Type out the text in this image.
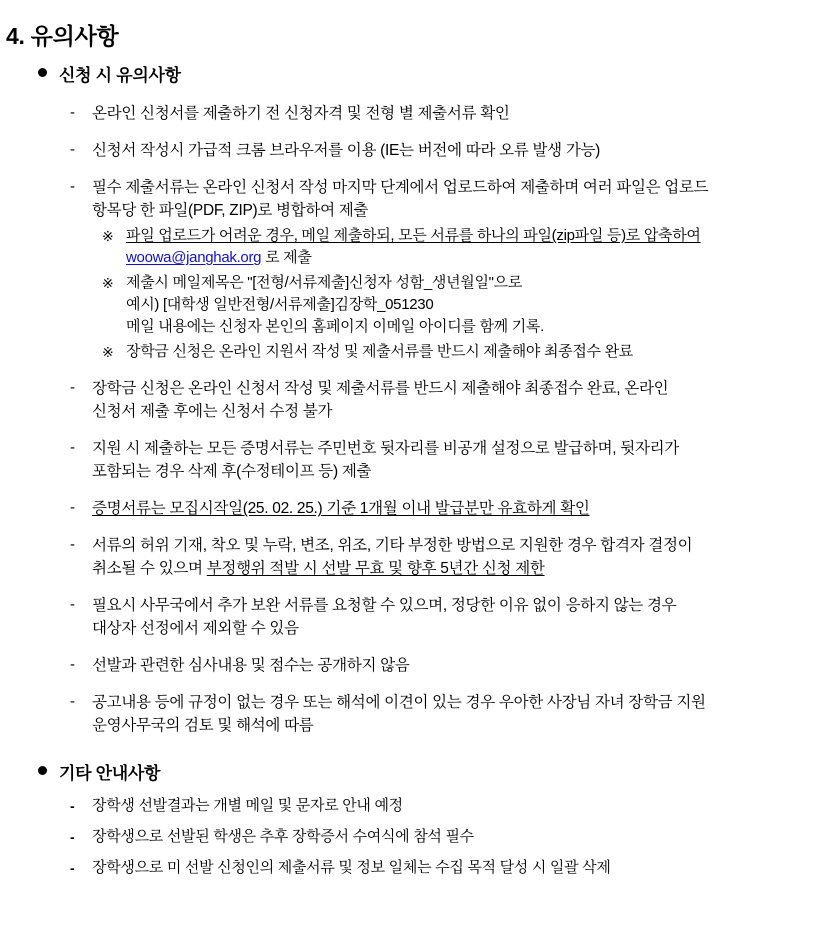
4. 유의사항
신청 시 유의사항
-	온라인 신청서를 제출하기 전 신청자격 및 전형 별 제출서류 확인
-	신청서 작성시 가급적 크롬 브라우저를 이용 (IE는 버전에 따라 오류 발생 가능)
-	필수 제출서류는 온라인 신청서 작성 마지막 단계에서 업로드하여 제출하며 여러 파일은 업로드
항목당 한 파일(PDF, ZIP)로 병합하여 제출
※ 파일 업로드가 어려운 경우, 메일 제출하되, 모든 서류를 하나의 파일(zip파일 등)로 압축하여
woowa@janghak.org 로 제출
※ 제출시 메일제목은 "[전형/서류제출]신청자 성함_생년월일"으로
예시) [대학생 일반전형/서류제출]김장학_051230
메일 내용에는 신청자 본인의 홈페이지 이메일 아이디를 함께 기록.
※ 장학금 신청은 온라인 지원서 작성 및 제출서류를 반드시 제출해야 최종접수 완료
-	장학금 신청은 온라인 신청서 작성 및 제출서류를 반드시 제출해야 최종접수 완료, 온라인
신청서 제출 후에는 신청서 수정 불가
-	지원 시 제출하는 모든 증명서류는 주민번호 뒷자리를 비공개 설정으로 발급하며, 뒷자리가
포함되는 경우 삭제 후(수정테이프 등) 제출
-	증명서류는 모집시작일(25. 02. 25.) 기준 1개월 이내 발급분만 유효하게 확인
-	서류의 허위 기재, 착오 및 누락, 변조, 위조, 기타 부정한 방법으로 지원한 경우 합격자 결정이
취소될 수 있으며 부정행위 적발 시 선발 무효 및 향후 5년간 신청 제한
-	필요시 사무국에서 추가 보완 서류를 요청할 수 있으며, 정당한 이유 없이 응하지 않는 경우
대상자 선정에서 제외할 수 있음
-	선발과 관련한 심사내용 및 점수는 공개하지 않음
-	공고내용 등에 규정이 없는 경우 또는 해석에 이견이 있는 경우 우아한 사장님 자녀 장학금 지원
운영사무국의 검토 및 해석에 따름
기타 안내사항
-	장학생 선발결과는 개별 메일 및 문자로 안내 예정
-	장학생으로 선발된 학생은 추후 장학증서 수여식에 참석 필수
-	장학생으로 미 선발 신청인의 제출서류 및 정보 일체는 수집 목적 달성 시 일괄 삭제
